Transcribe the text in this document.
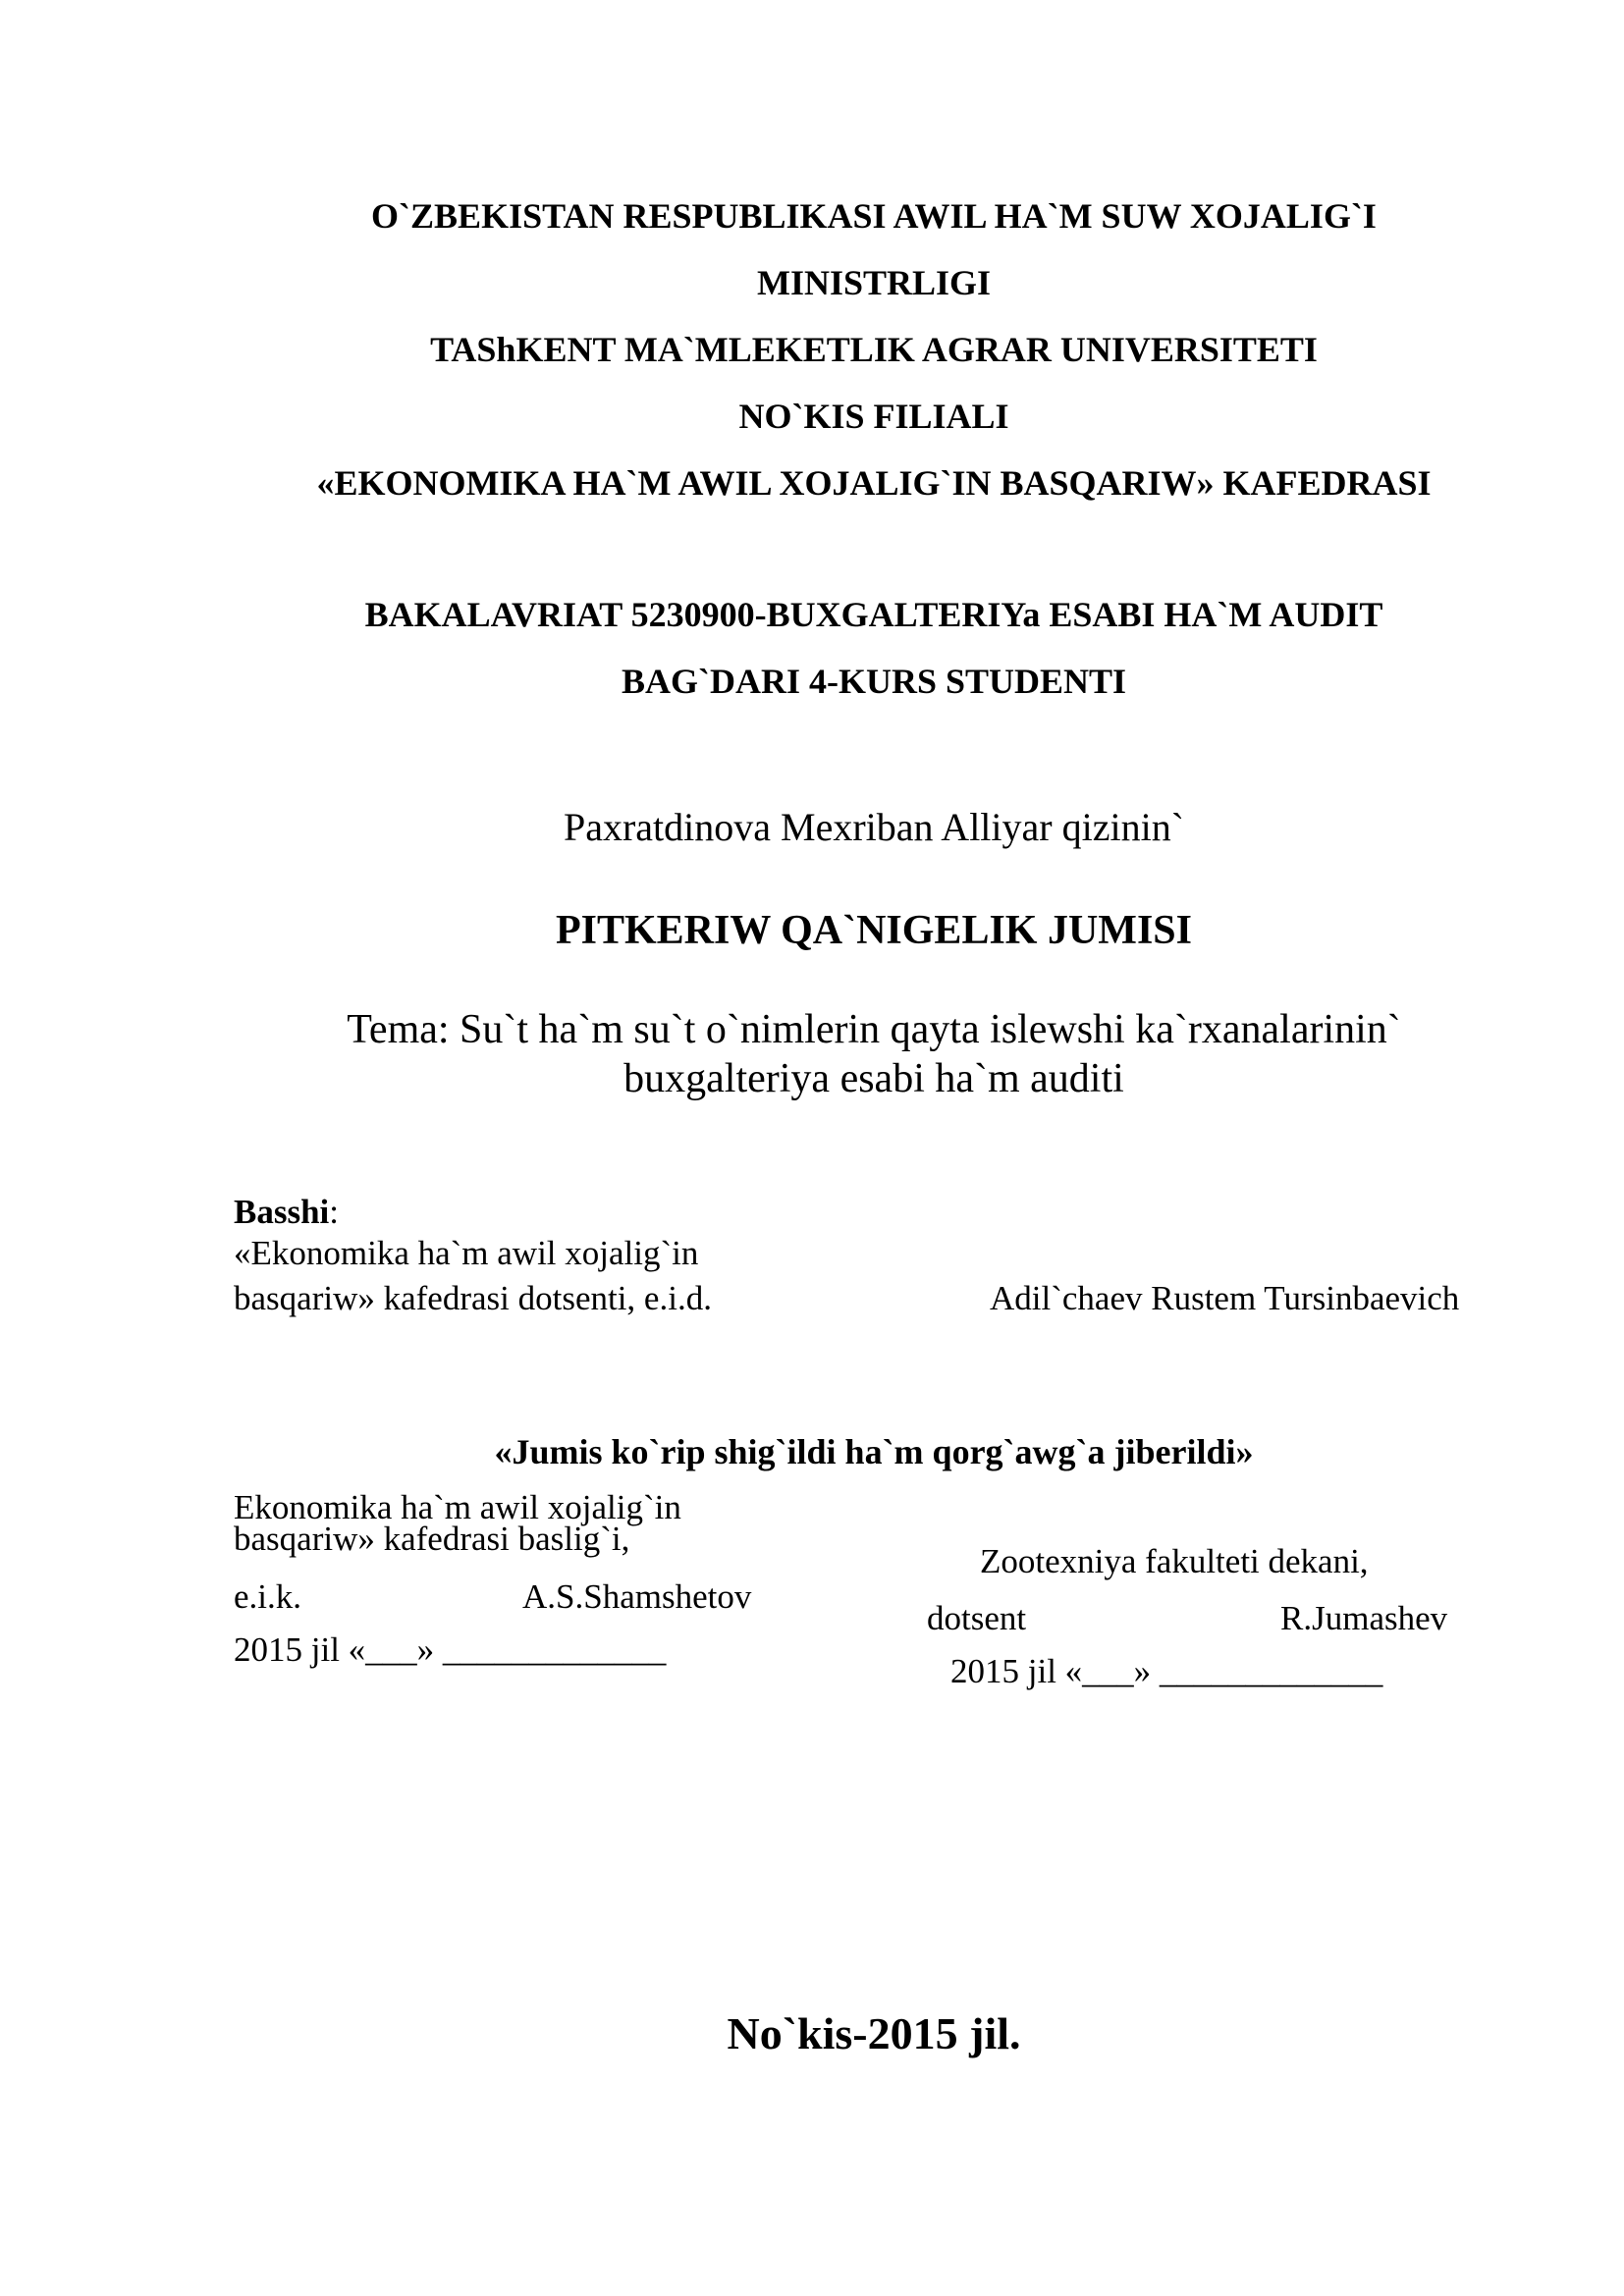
O`ZBEKISTAN RESPUBLIKASI AWIL HA`M SUW XOJALIG`I
MINISTRLIGI
TAShKENT MA`MLEKETLIK AGRAR UNIVERSITETI
NO`KIS FILIALI
«EKONOMIKA HA`M AWIL XOJALIG`IN BASQARIW» KAFEDRASI
BAKALAVRIAT 5230900-BUXGALTERIYa ESABI HA`M AUDIT
BAG`DARI 4-KURS STUDENTI
Paxratdinova Mexriban Alliyar qizinin`
PITKERIW QA`NIGELIK JUMISI
Tema: Su`t ha`m su`t o`nimlerin qayta islewshi ka`rxanalarinin`
buxgalteriya esabi ha`m auditi
Basshi:
«Ekonomika ha`m awil xojalig`in
basqariw» kafedrasi dotsenti, e.i.d.	Adil`chaev Rustem Tursinbaevich
«Jumis ko`rip shig`ildi ha`m qorg`awg`a jiberildi»
Ekonomika ha`m awil xojalig`in
basqariw» kafedrasi baslig`i,
e.i.k.	A.S.Shamshetov
2015 jil «___» _____________
Zootexniya fakulteti dekani,
dotsent	R.Jumashev
2015 jil «___» _____________
No`kis-2015 jil.
